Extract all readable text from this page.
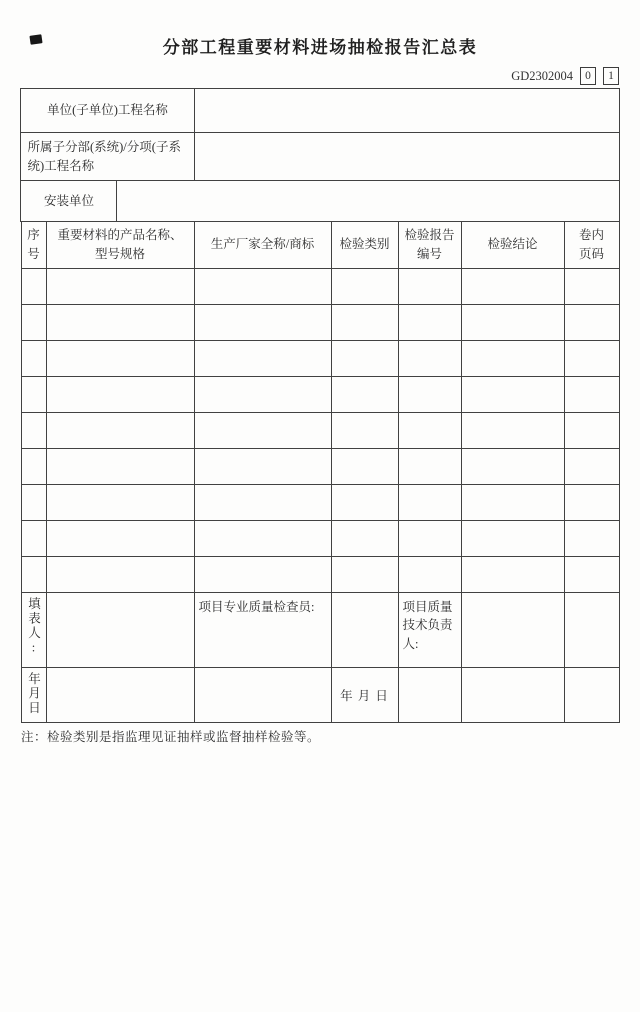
分部工程重要材料进场抽检报告汇总表
GD2302004	0	1
单位(子单位)工程名称		
所属子分部(系统)/分项(子系统)工程名称		
安装单位		
序号	重要材料的产品名称、型号规格	生产厂家全称/商标	检验类别	检验报告编号	检验结论	卷内页码

填表人:		项目专业质量检查员:		项目质量技术负责人:		
年月日			年 月 日			
注：检验类别是指监理见证抽样或监督抽样检验等。
